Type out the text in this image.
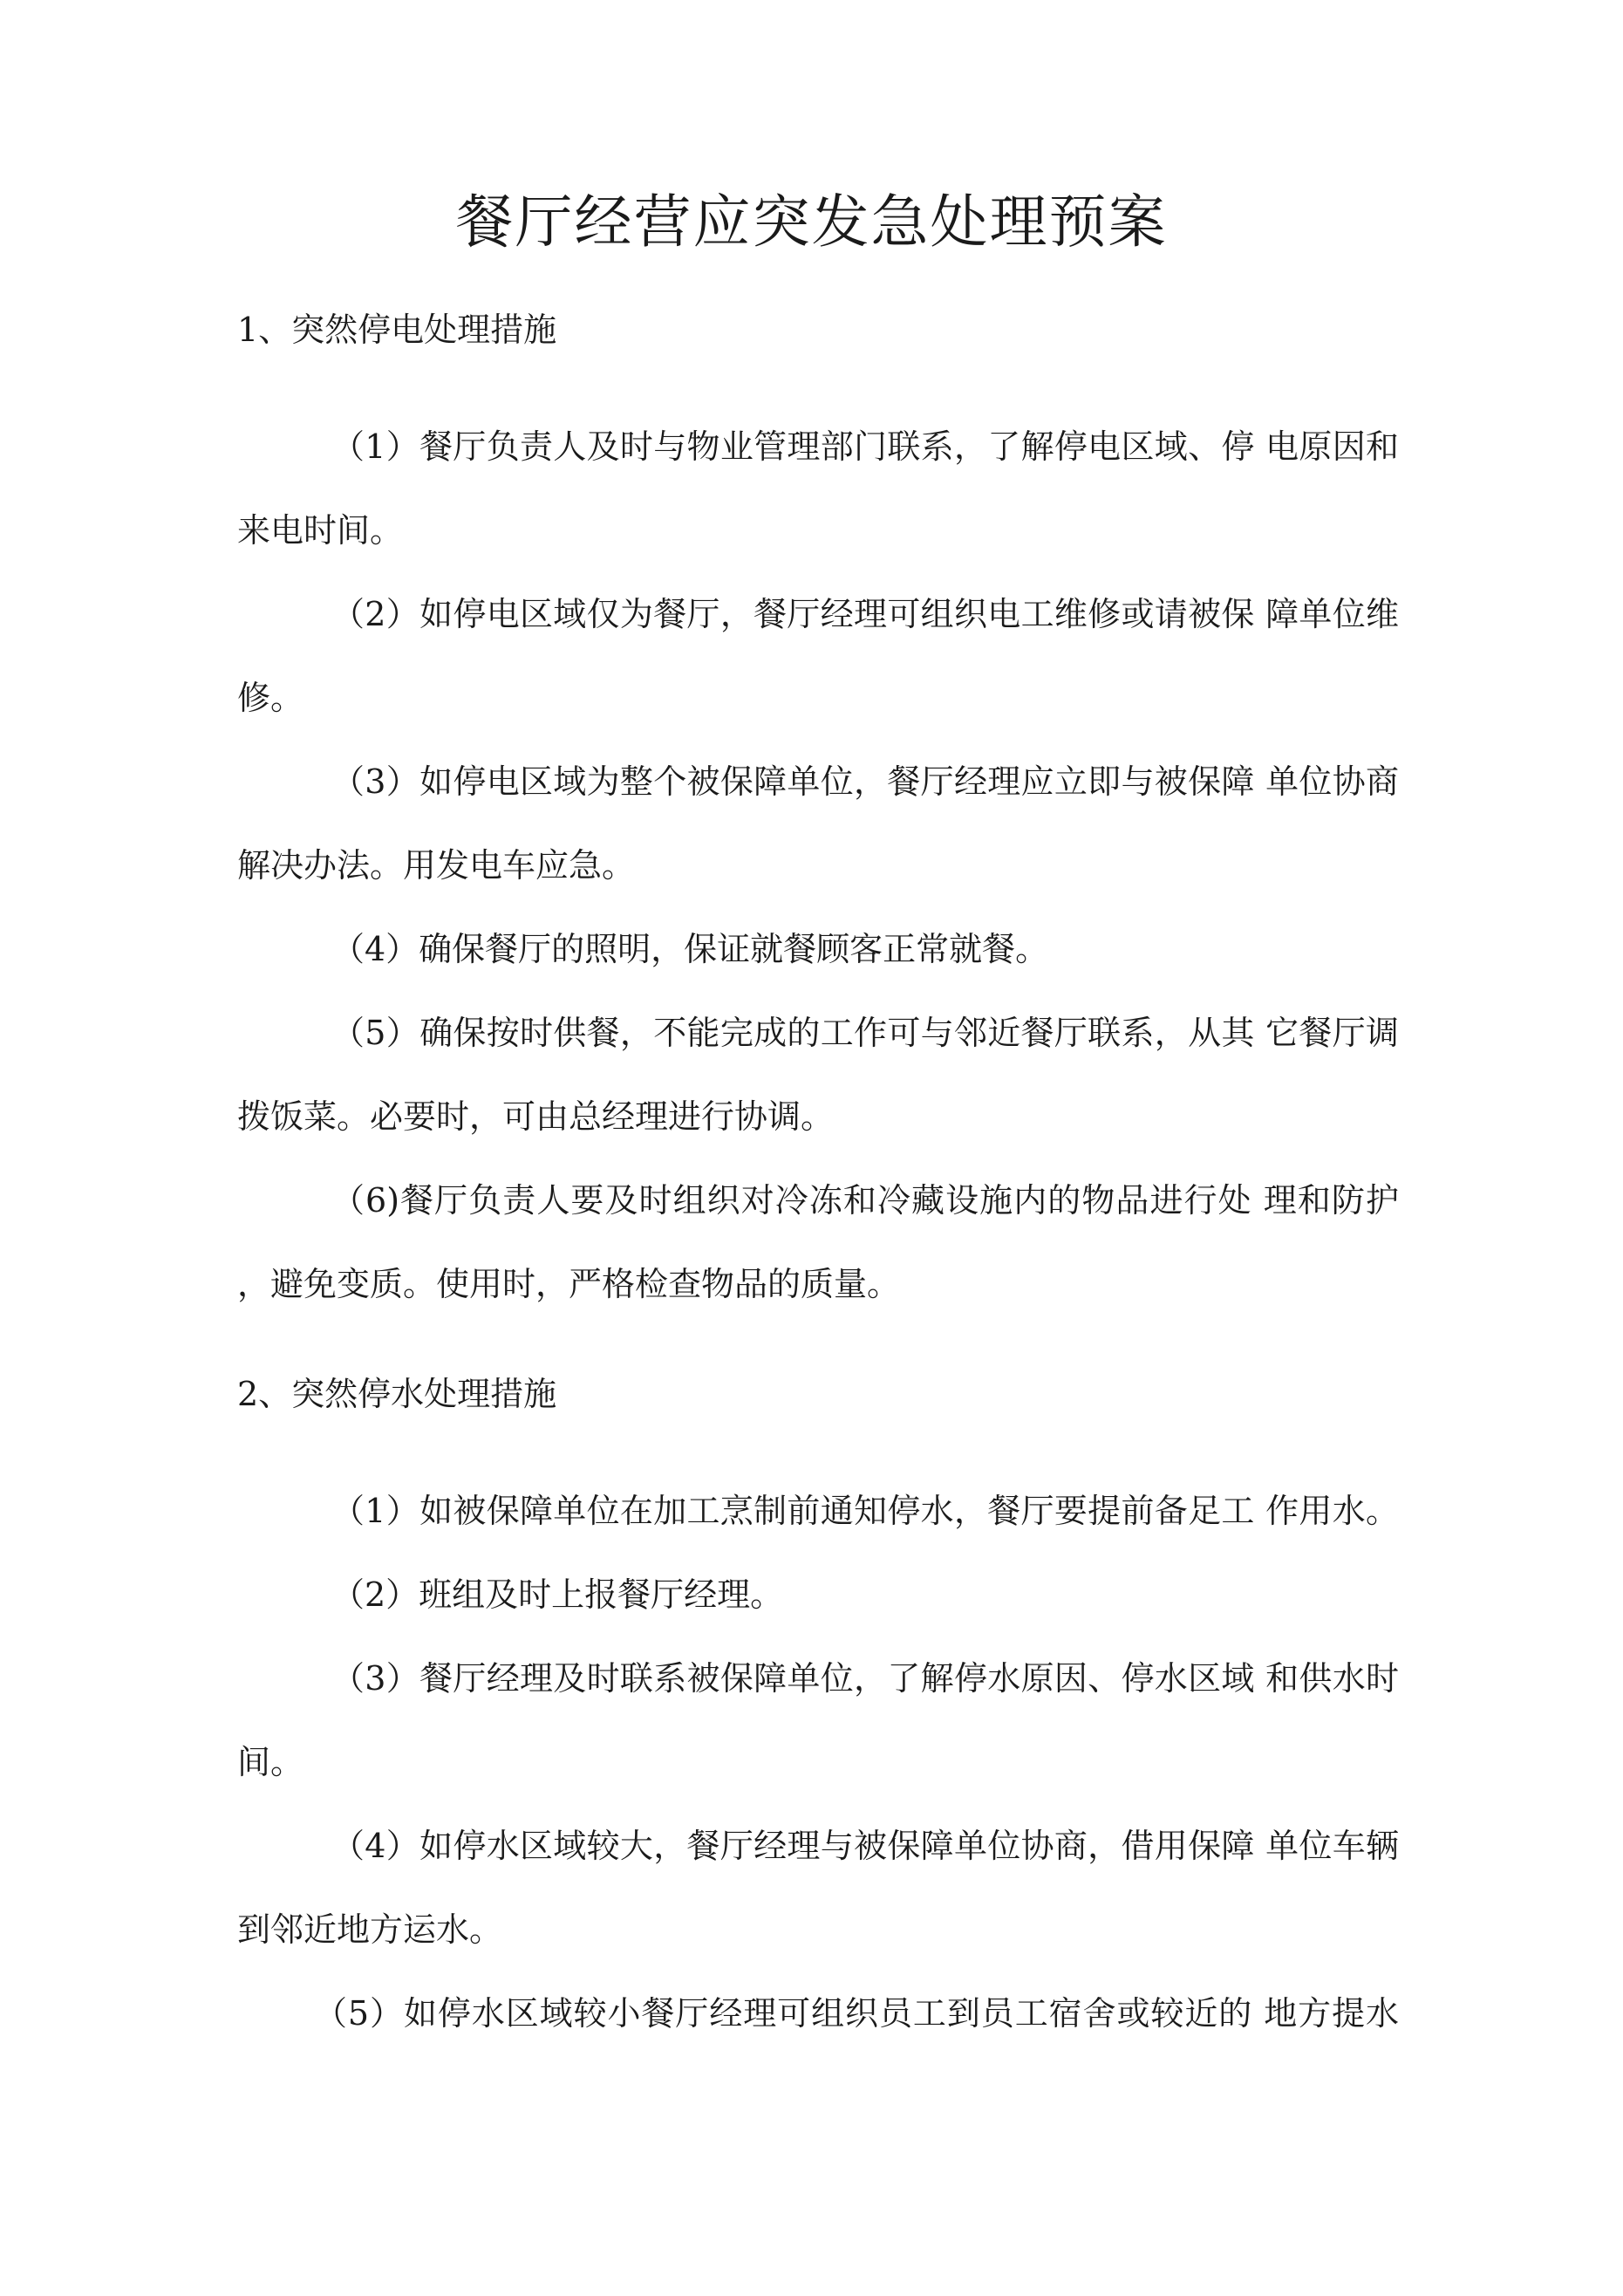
餐厅经营应突发急处理预案
1、突然停电处理措施
（1）餐厅负责人及时与物业管理部门联系，了解停电区域、停 电原因和
来电时间。
（2）如停电区域仅为餐厅，餐厅经理可组织电工维修或请被保 障单位维
修。
（3）如停电区域为整个被保障单位，餐厅经理应立即与被保障 单位协商
解决办法。用发电车应急。
（4）确保餐厅的照明，保证就餐顾客正常就餐。
（5）确保按时供餐，不能完成的工作可与邻近餐厅联系，从其 它餐厅调
拨饭菜。必要时，可由总经理进行协调。
（6)餐厅负责人要及时组织对冷冻和冷藏设施内的物品进行处 理和防护
，避免变质。使用时，严格检查物品的质量。
2、突然停水处理措施
（1）如被保障单位在加工烹制前通知停水，餐厅要提前备足工 作用水。
（2）班组及时上报餐厅经理。
（3）餐厅经理及时联系被保障单位，了解停水原因、停水区域 和供水时
间。
（4）如停水区域较大，餐厅经理与被保障单位协商，借用保障 单位车辆
到邻近地方运水。
（5）如停水区域较小餐厅经理可组织员工到员工宿舍或较近的 地方提水
